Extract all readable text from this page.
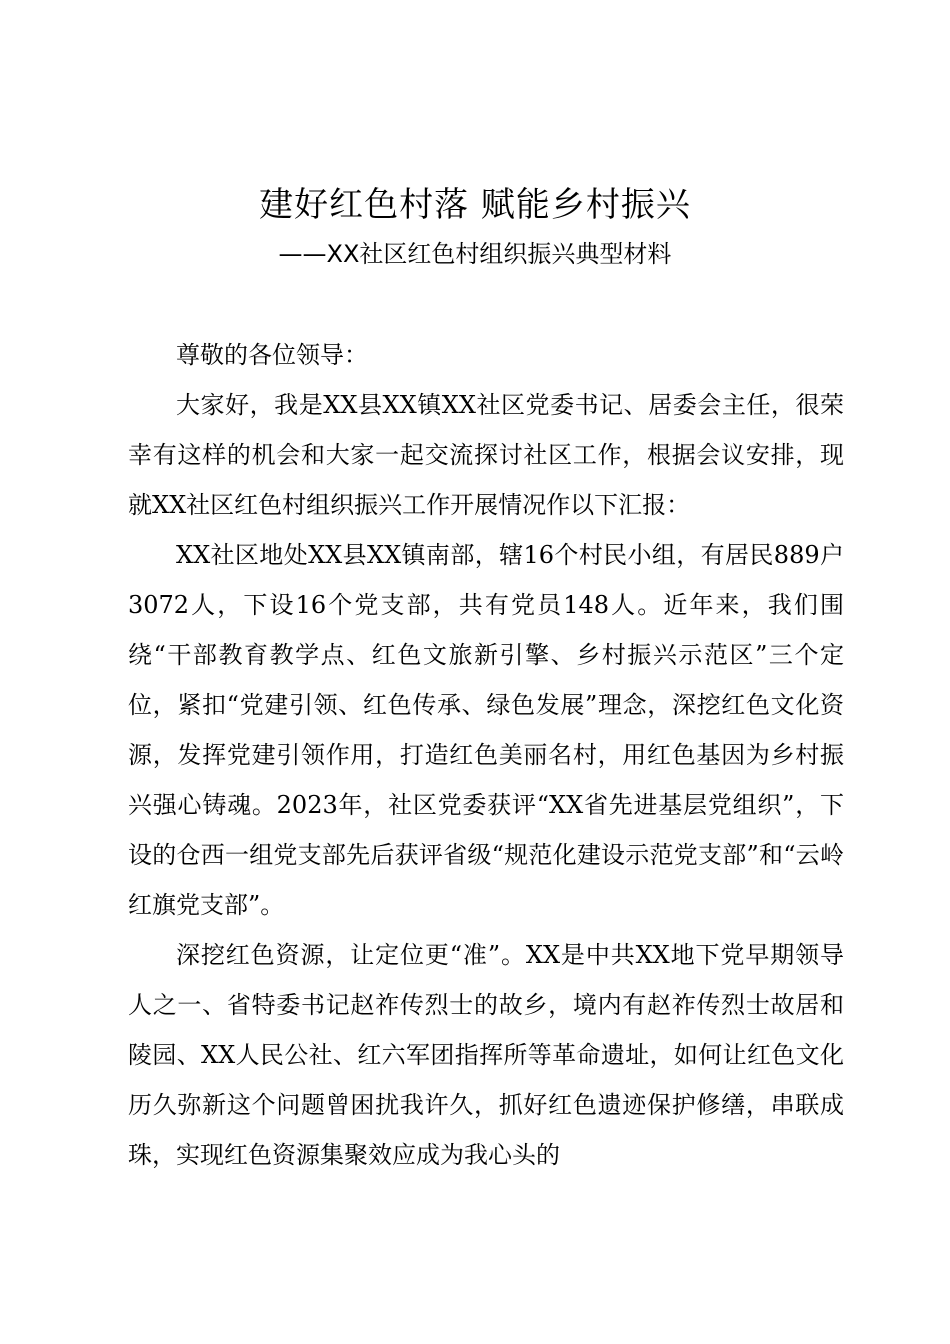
建好红色村落 赋能乡村振兴
——XX社区红色村组织振兴典型材料

尊敬的各位领导：

大家好，我是XX县XX镇XX社区党委书记、居委会主任，很荣幸有这样的机会和大家一起交流探讨社区工作，根据会议安排，现就XX社区红色村组织振兴工作开展情况作以下汇报：

XX社区地处XX县XX镇南部，辖16个村民小组，有居民889户3072人，下设16个党支部，共有党员148人。近年来，我们围绕“干部教育教学点、红色文旅新引擎、乡村振兴示范区”三个定位，紧扣“党建引领、红色传承、绿色发展”理念，深挖红色文化资源，发挥党建引领作用，打造红色美丽名村，用红色基因为乡村振兴强心铸魂。2023年，社区党委获评“XX省先进基层党组织”，下设的仓西一组党支部先后获评省级“规范化建设示范党支部”和“云岭红旗党支部”。

深挖红色资源，让定位更“准”。XX是中共XX地下党早期领导人之一、省特委书记赵祚传烈士的故乡，境内有赵祚传烈士故居和陵园、XX人民公社、红六军团指挥所等革命遗址，如何让红色文化历久弥新这个问题曾困扰我许久，抓好红色遗迹保护修缮，串联成珠，实现红色资源集聚效应成为我心头的
